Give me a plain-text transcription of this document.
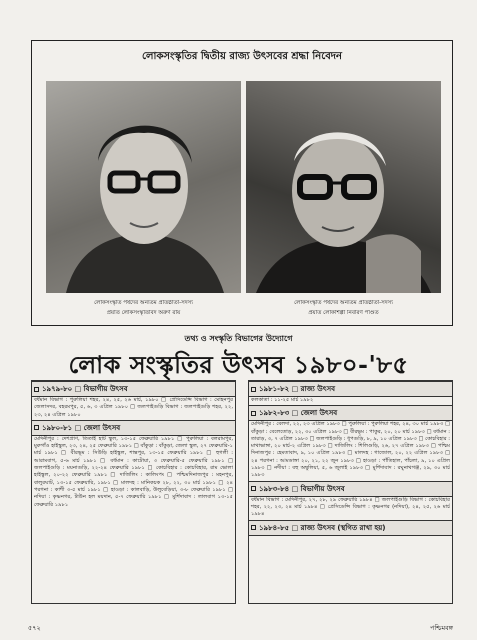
লোকসংস্কৃতির দ্বিতীয় রাজ্য উৎসবের শ্রদ্ধা নিবেদন
লোকসংস্কৃতি পর্ষদের অন্যতম প্রতিষ্ঠাতা-সদস্য
প্রয়াত লোকসংস্কৃতিবিদ অরুণ রায়
লোকসংস্কৃতি পর্ষদের অন্যতম প্রতিষ্ঠাতা-সদস্য
প্রয়াত লোকশিল্পী নিবারণ পণ্ডিত
তথ্য ও সংস্কৃতি বিভাগের উদ্যোগে
লোক সংস্কৃতির উৎসব ১৯৮০-'৮৫
১৯৭৯-৮০ □ বিভাগীয় উৎসব
বর্ধমান বিভাগ : পুরুলিয়া শহর, ২৪, ২৫, ২৬ মার্চ, ১৯৮০ □ প্রেসিডেন্সি বিভাগ : মোহনপুর জেলাসদর, বহরমপুর, ৫, ৬, ৩ এপ্রিল ১৯৮০ □ জলপাইগুড়ি বিভাগ : জলপাইগুড়ি শহর, ২২, ২৩, ২৪ এপ্রিল ১৯৮০
১৯৮০-৮১ □ জেলা উৎসব
মেদিনীপুর : দেশপ্রাণ, তিতাই হাট স্কুল, ১৩-১৫ ফেব্রুয়ারি ১৯৮১ □ পুরুলিয়া : বলরামপুর, মুরুগাঁও হাইস্কুল, ২৩, ২৪, ২৫ ফেব্রুয়ারি ১৯৮১ □ বাঁকুড়া : বাঁকুড়া, জেলা স্কুল, ২৭ ফেব্রুয়ারি-১ মার্চ ১৯৮১ □ বীরভূম : সিউড়ি হাইস্কুল, শান্তপুর, ১৩-১৫ ফেব্রুয়ারি ১৯৮১ □ হুগলী : আরামবাগ, ৫-৬ মার্চ ১৯৮১ □ বর্ধমান : কাটোয়া, ৩ ফেব্রুয়ারি-৫ ফেব্রুয়ারি ১৯৮১ □ জলপাইগুড়ি : ময়নাগুড়ি, ২২-২৪ ফেব্রুয়ারি ১৯৮১ □ কোচবিহার : কোচবিহার, রাম ভোলা হাইস্কুল, ২০-২২ ফেব্রুয়ারি ১৯৮১ □ দার্জিলিং : কালিংপং □ পশ্চিমদিনাজপুর : মহনপুর, বালুরঘাট, ১৩-১৫ ফেব্রুয়ারি, ১৯৮১ □ মালদহ : মানিকচক ২৮, ২২, ৩০ মার্চ ১৯৮১ □ ২৪ পরগনা : কাশী ৩-৫ মার্চ ১৯৮১ □ হাওড়া : কালবাড়ি, উলুবেড়িয়া, ৩-৮ ফেব্রুয়ারি ১৯৮১ □ নদিয়া : কৃষ্ণনগর, টাউন হল ময়দান, ৫-৭ ফেব্রুয়ারি ১৯৮১ □ মুর্শিদাবাদ : লালবাগ ১৩-১৫ ফেব্রুয়ারি ১৯৮১
১৯৮১-৮২ □ রাজ্য উৎসব
কলকাতা : ১১-২৫ মার্চ ১৯৮২
১৯৮২-৮৩ □ জেলা উৎসব
মেদিনীপুর : বেলদা, ২২, ২৩ এপ্রিল ১৯৮৩ □ পুরুলিয়া : পুরুলিয়া শহর, ২৪, ৩০ মার্চ ১৯৮৩ □ বাঁকুড়া : বেলেতোড়, ২২, ৩০ এপ্রিল ১৯৮৩ □ বীরভূম : পাকুর, ২০, ২০ মার্চ ১৯৮৩ □ বর্ধমান : তারাড়, ৩, ৭ এপ্রিল ১৯৮৩ □ জলপাইগুড়ি : ধূপগুড়ি, ৮, ৯, ১০ এপ্রিল ১৯৮৩ □ কোচবিহার : মাথাভাঙ্গা, ২০ মার্চ-২ এপ্রিল ১৯৮৩ □ দার্জিলিং : শিলিগুড়ি, ২৬, ২৭ এপ্রিল ১৯৮৩ □ পশ্চিম দিনাজপুর : হেমতাবাদ, ৯, ১০ এপ্রিল ১৯৮৩ □ মালদহ : গাজোল, ২০, ২২ এপ্রিল ১৯৮৩ □ ২৪ পরগনা : আমডাঙ্গা ২০, ২১, ২২ জুন ১৯৮৩ □ হাওড়া : পাঁতিহাল, পাঁচলা, ৯, ১০ এপ্রিল ১৯৮৩ □ নদীয়া : বহু অম্বুলিয়া, ৫, ৬ জুলাই ১৯৮৩ □ মুর্শিদাবাদ : রঘুনাথগঞ্জ, ২৯, ৩০ মার্চ ১৯৮৩
১৯৮৩-৮৪ □ বিভাগীয় উৎসব
বর্ধমান বিভাগ : মেদিনীপুর, ২৭, ২৮, ২৯ ফেব্রুয়ারি ১৯৮৪ □ জলপাইগুড়ি বিভাগ : কোচবিহার শহর, ২২, ২৩, ২৪ মার্চ ১৯৮৪ □ প্রেসিডেন্সি বিভাগ : কৃষ্ণনগর (নদিয়া), ২৪, ২৫, ২৬ মার্চ ১৯৮৪
১৯৮৪-৮৫ □ রাজ্য উৎসব (স্থগিত রাখা হয়)
৫৭২	পশ্চিমবঙ্গ
